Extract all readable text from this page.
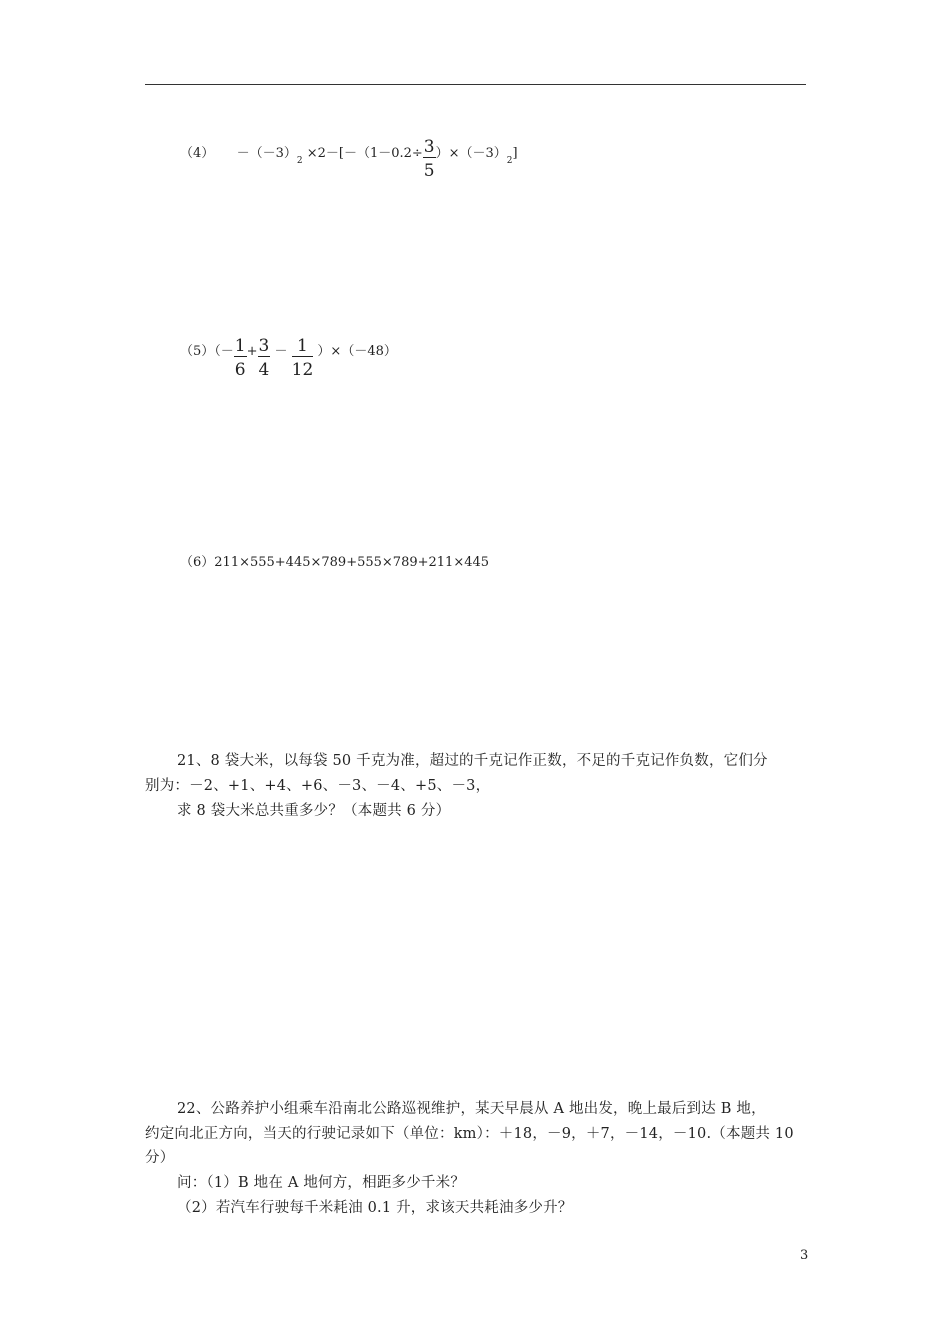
$(4) -(-3)_2 \times 2-[-(1-0.2\div \frac{3}{5} )\times(-3)_2]$
$(5)(- \frac{1}{6} + \frac{3}{4} - \frac{1}{12} )\times(-48)$
（6）211×555+445×789+555×789+211×445
21、8 袋大米，以每袋 50 千克为准，超过的千克记作正数，不足的千克记作负数，它们分
别为：－2、+1、+4、+6、－3、－4、+5、－3，
求 8 袋大米总共重多少？（本题共 6 分）
22、公路养护小组乘车沿南北公路巡视维护，某天早晨从 A 地出发，晚上最后到达 B 地，
约定向北正方向，当天的行驶记录如下（单位：km）：＋18，－9，＋7，－14，－10.（本题共 10
分）
问：（1）B 地在 A 地何方，相距多少千米？
（2）若汽车行驶每千米耗油 0.1 升，求该天共耗油多少升？
3
